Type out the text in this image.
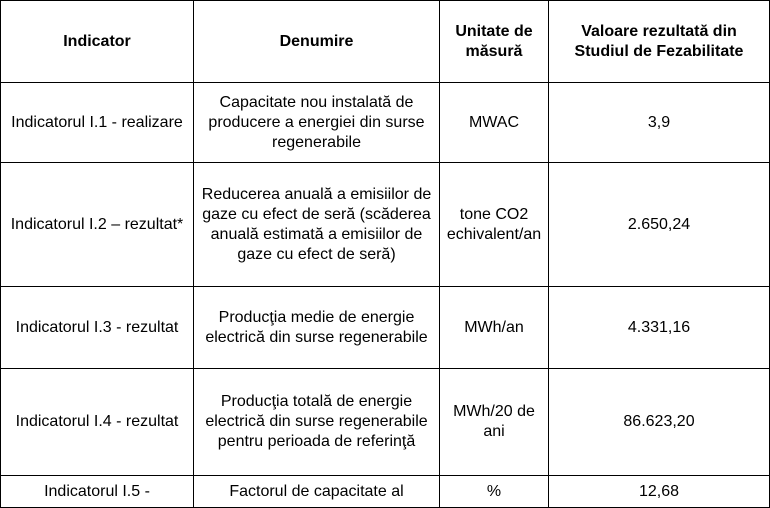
Indicator	Denumire	Unitate de măsură	Valoare rezultată din Studiul de Fezabilitate
Indicatorul I.1 - realizare	Capacitate nou instalată de producere a energiei din surse regenerabile	MWAC	3,9
Indicatorul I.2 – rezultat*	Reducerea anuală a emisiilor de gaze cu efect de seră (scăderea anuală estimată a emisiilor de gaze cu efect de seră)	tone CO2 echivalent/an	2.650,24
Indicatorul I.3 - rezultat	Producţia medie de energie electrică din surse regenerabile	MWh/an	4.331,16
Indicatorul I.4 - rezultat	Producţia totală de energie electrică din surse regenerabile pentru perioada de referinţă	MWh/20 de ani	86.623,20
Indicatorul I.5 -	Factorul de capacitate al	%	12,68
